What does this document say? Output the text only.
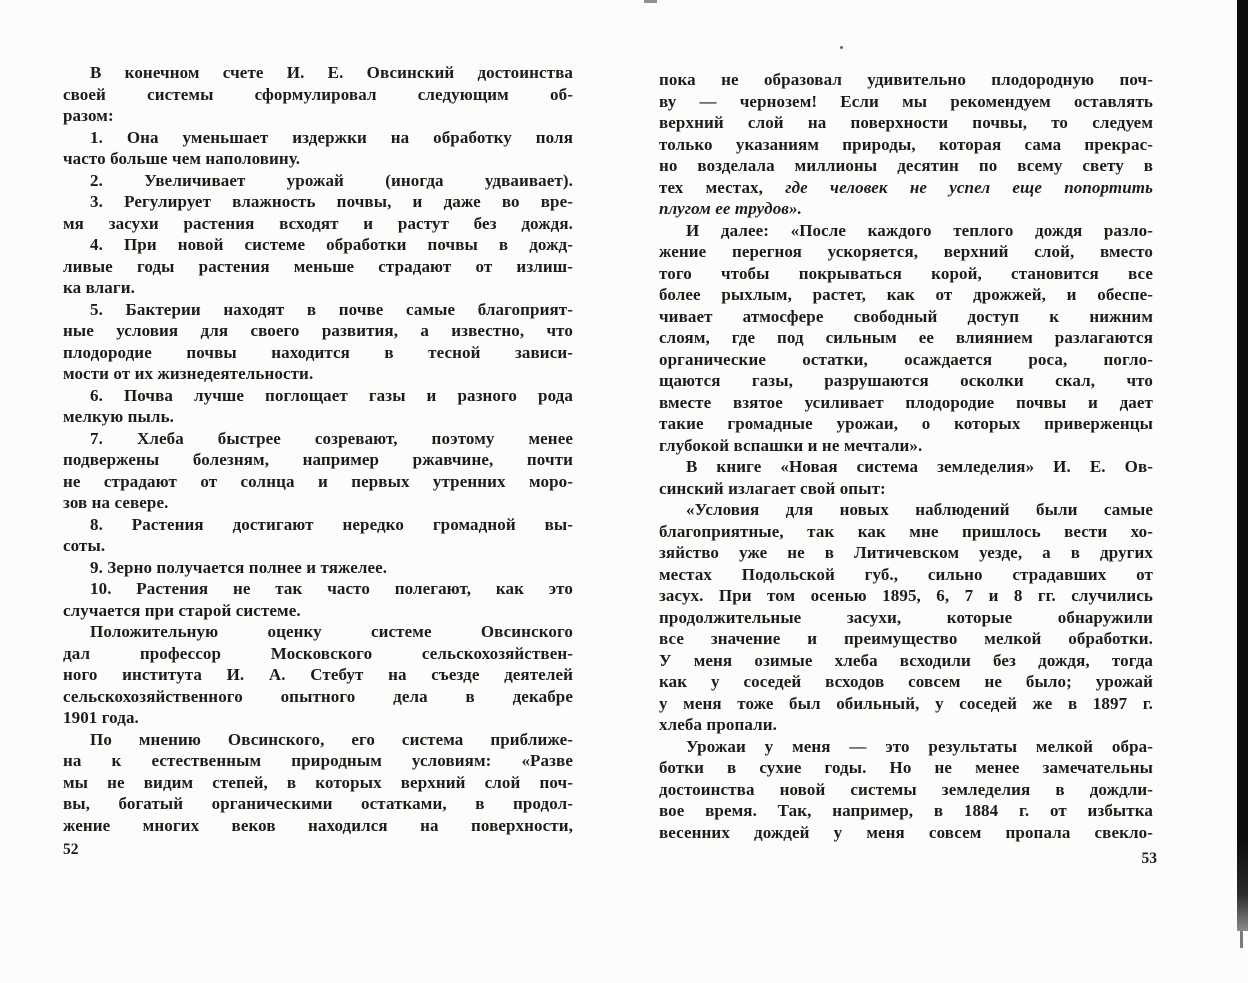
В конечном счете И. Е. Овсинский достоинства
своей системы сформулировал следующим об-
разом:
1. Она уменьшает издержки на обработку поля
часто больше чем наполовину.
2. Увеличивает урожай (иногда удваивает).
3. Регулирует влажность почвы, и даже во вре-
мя засухи растения всходят и растут без дождя.
4. При новой системе обработки почвы в дожд-
ливые годы растения меньше страдают от излиш-
ка влаги.
5. Бактерии находят в почве самые благоприят-
ные условия для своего развития, а известно, что
плодородие почвы находится в тесной зависи-
мости от их жизнедеятельности.
6. Почва лучше поглощает газы и разного рода
мелкую пыль.
7. Хлеба быстрее созревают, поэтому менее
подвержены болезням, например ржавчине, почти
не страдают от солнца и первых утренних моро-
зов на севере.
8. Растения достигают нередко громадной вы-
соты.
9. Зерно получается полнее и тяжелее.
10. Растения не так часто полегают, как это
случается при старой системе.
Положительную оценку системе Овсинского
дал профессор Московского сельскохозяйствен-
ного института И. А. Стебут на съезде деятелей
сельскохозяйственного опытного дела в декабре
1901 года.
По мнению Овсинского, его система приближе-
на к естественным природным условиям: «Разве
мы не видим степей, в которых верхний слой поч-
вы, богатый органическими остатками, в продол-
жение многих веков находился на поверхности,
пока не образовал удивительно плодородную поч-
ву — чернозем! Если мы рекомендуем оставлять
верхний слой на поверхности почвы, то следуем
только указаниям природы, которая сама прекрас-
но возделала миллионы десятин по всему свету в
тех местах, где человек не успел еще попортить
плугом ее трудов».
И далее: «После каждого теплого дождя разло-
жение перегноя ускоряется, верхний слой, вместо
того чтобы покрываться корой, становится все
более рыхлым, растет, как от дрожжей, и обеспе-
чивает атмосфере свободный доступ к нижним
слоям, где под сильным ее влиянием разлагаются
органические остатки, осаждается роса, погло-
щаются газы, разрушаются осколки скал, что
вместе взятое усиливает плодородие почвы и дает
такие громадные урожаи, о которых приверженцы
глубокой вспашки и не мечтали».
В книге «Новая система земледелия» И. Е. Ов-
синский излагает свой опыт:
«Условия для новых наблюдений были самые
благоприятные, так как мне пришлось вести хо-
зяйство уже не в Литичевском уезде, а в других
местах Подольской губ., сильно страдавших от
засух. При том осенью 1895, 6, 7 и 8 гг. случились
продолжительные засухи, которые обнаружили
все значение и преимущество мелкой обработки.
У меня озимые хлеба всходили без дождя, тогда
как у соседей всходов совсем не было; урожай
у меня тоже был обильный, у соседей же в 1897 г.
хлеба пропали.
Урожаи у меня — это результаты мелкой обра-
ботки в сухие годы. Но не менее замечательны
достоинства новой системы земледелия в дождли-
вое время. Так, например, в 1884 г. от избытка
весенних дождей у меня совсем пропала свекло-
52
53
